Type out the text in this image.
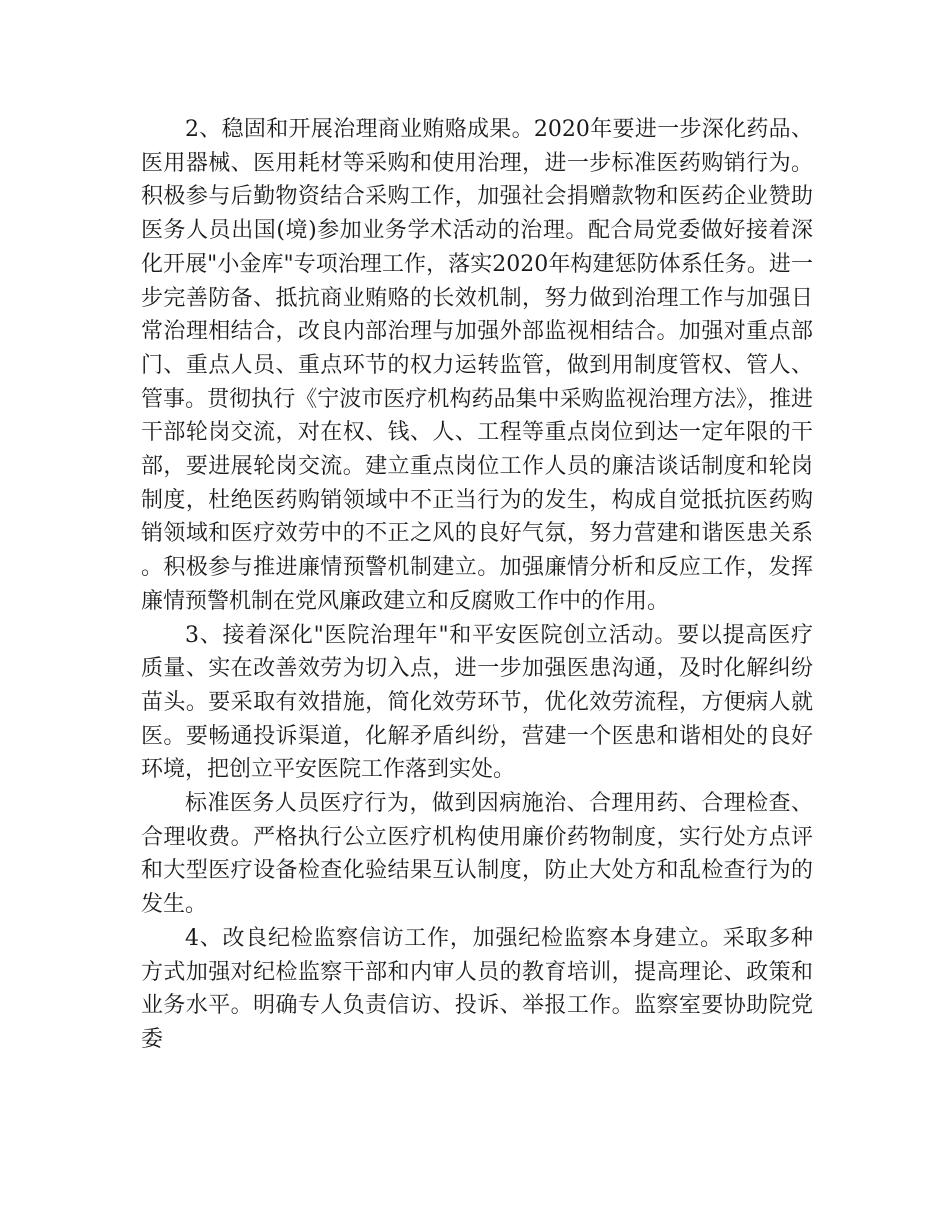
2、稳固和开展治理商业贿赂成果。2020年要进一步深化药品、医用器械、医用耗材等采购和使用治理，进一步标准医药购销行为。积极参与后勤物资结合采购工作，加强社会捐赠款物和医药企业赞助医务人员出国(境)参加业务学术活动的治理。配合局党委做好接着深化开展"小金库"专项治理工作，落实2020年构建惩防体系任务。进一步完善防备、抵抗商业贿赂的长效机制，努力做到治理工作与加强日常治理相结合，改良内部治理与加强外部监视相结合。加强对重点部门、重点人员、重点环节的权力运转监管，做到用制度管权、管人、管事。贯彻执行《宁波市医疗机构药品集中采购监视治理方法》，推进干部轮岗交流，对在权、钱、人、工程等重点岗位到达一定年限的干部，要进展轮岗交流。建立重点岗位工作人员的廉洁谈话制度和轮岗制度，杜绝医药购销领域中不正当行为的发生，构成自觉抵抗医药购销领域和医疗效劳中的不正之风的良好气氛，努力营建和谐医患关系。积极参与推进廉情预警机制建立。加强廉情分析和反应工作，发挥廉情预警机制在党风廉政建立和反腐败工作中的作用。

3、接着深化"医院治理年"和平安医院创立活动。要以提高医疗质量、实在改善效劳为切入点，进一步加强医患沟通，及时化解纠纷苗头。要采取有效措施，简化效劳环节，优化效劳流程，方便病人就医。要畅通投诉渠道，化解矛盾纠纷，营建一个医患和谐相处的良好环境，把创立平安医院工作落到实处。

标准医务人员医疗行为，做到因病施治、合理用药、合理检查、合理收费。严格执行公立医疗机构使用廉价药物制度，实行处方点评和大型医疗设备检查化验结果互认制度，防止大处方和乱检查行为的发生。

4、改良纪检监察信访工作，加强纪检监察本身建立。采取多种方式加强对纪检监察干部和内审人员的教育培训，提高理论、政策和业务水平。明确专人负责信访、投诉、举报工作。监察室要协助院党委
